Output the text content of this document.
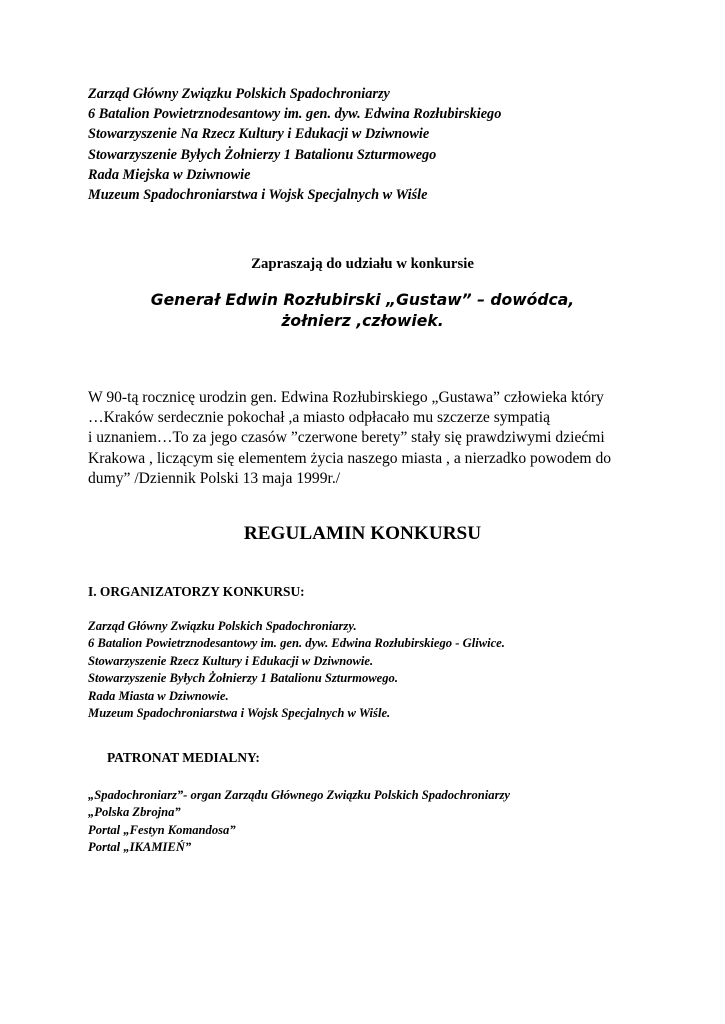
Zarząd Główny Związku Polskich Spadochroniarzy
6 Batalion Powietrznodesantowy im. gen. dyw. Edwina Rozłubirskiego
Stowarzyszenie Na Rzecz Kultury i Edukacji w Dziwnowie
Stowarzyszenie Byłych Żołnierzy 1 Batalionu Szturmowego
Rada Miejska w Dziwnowie
Muzeum Spadochroniarstwa i Wojsk Specjalnych w Wiśle
Zapraszają do udziału w konkursie
Generał Edwin Rozłubirski „Gustaw” – dowódca,
żołnierz ,człowiek.
W 90-tą rocznicę urodzin gen. Edwina Rozłubirskiego „Gustawa” człowieka który
…Kraków serdecznie pokochał ,a miasto odpłacało mu szczerze sympatią
i uznaniem…To za jego czasów ”czerwone berety” stały się prawdziwymi dziećmi
Krakowa , liczącym się elementem życia naszego miasta , a nierzadko powodem do
dumy” /Dziennik Polski 13 maja 1999r./
REGULAMIN KONKURSU
I. ORGANIZATORZY KONKURSU:
Zarząd Główny Związku Polskich Spadochroniarzy.
6 Batalion Powietrznodesantowy im. gen. dyw. Edwina Rozłubirskiego - Gliwice.
Stowarzyszenie Rzecz Kultury i Edukacji w Dziwnowie.
Stowarzyszenie Byłych Żołnierzy 1 Batalionu Szturmowego.
Rada Miasta w Dziwnowie.
Muzeum Spadochroniarstwa i Wojsk Specjalnych w Wiśle.
PATRONAT MEDIALNY:
„Spadochroniarz”- organ Zarządu Głównego Związku Polskich Spadochroniarzy
„Polska Zbrojna”
Portal „Festyn Komandosa”
Portal „IKAMIEŃ”
